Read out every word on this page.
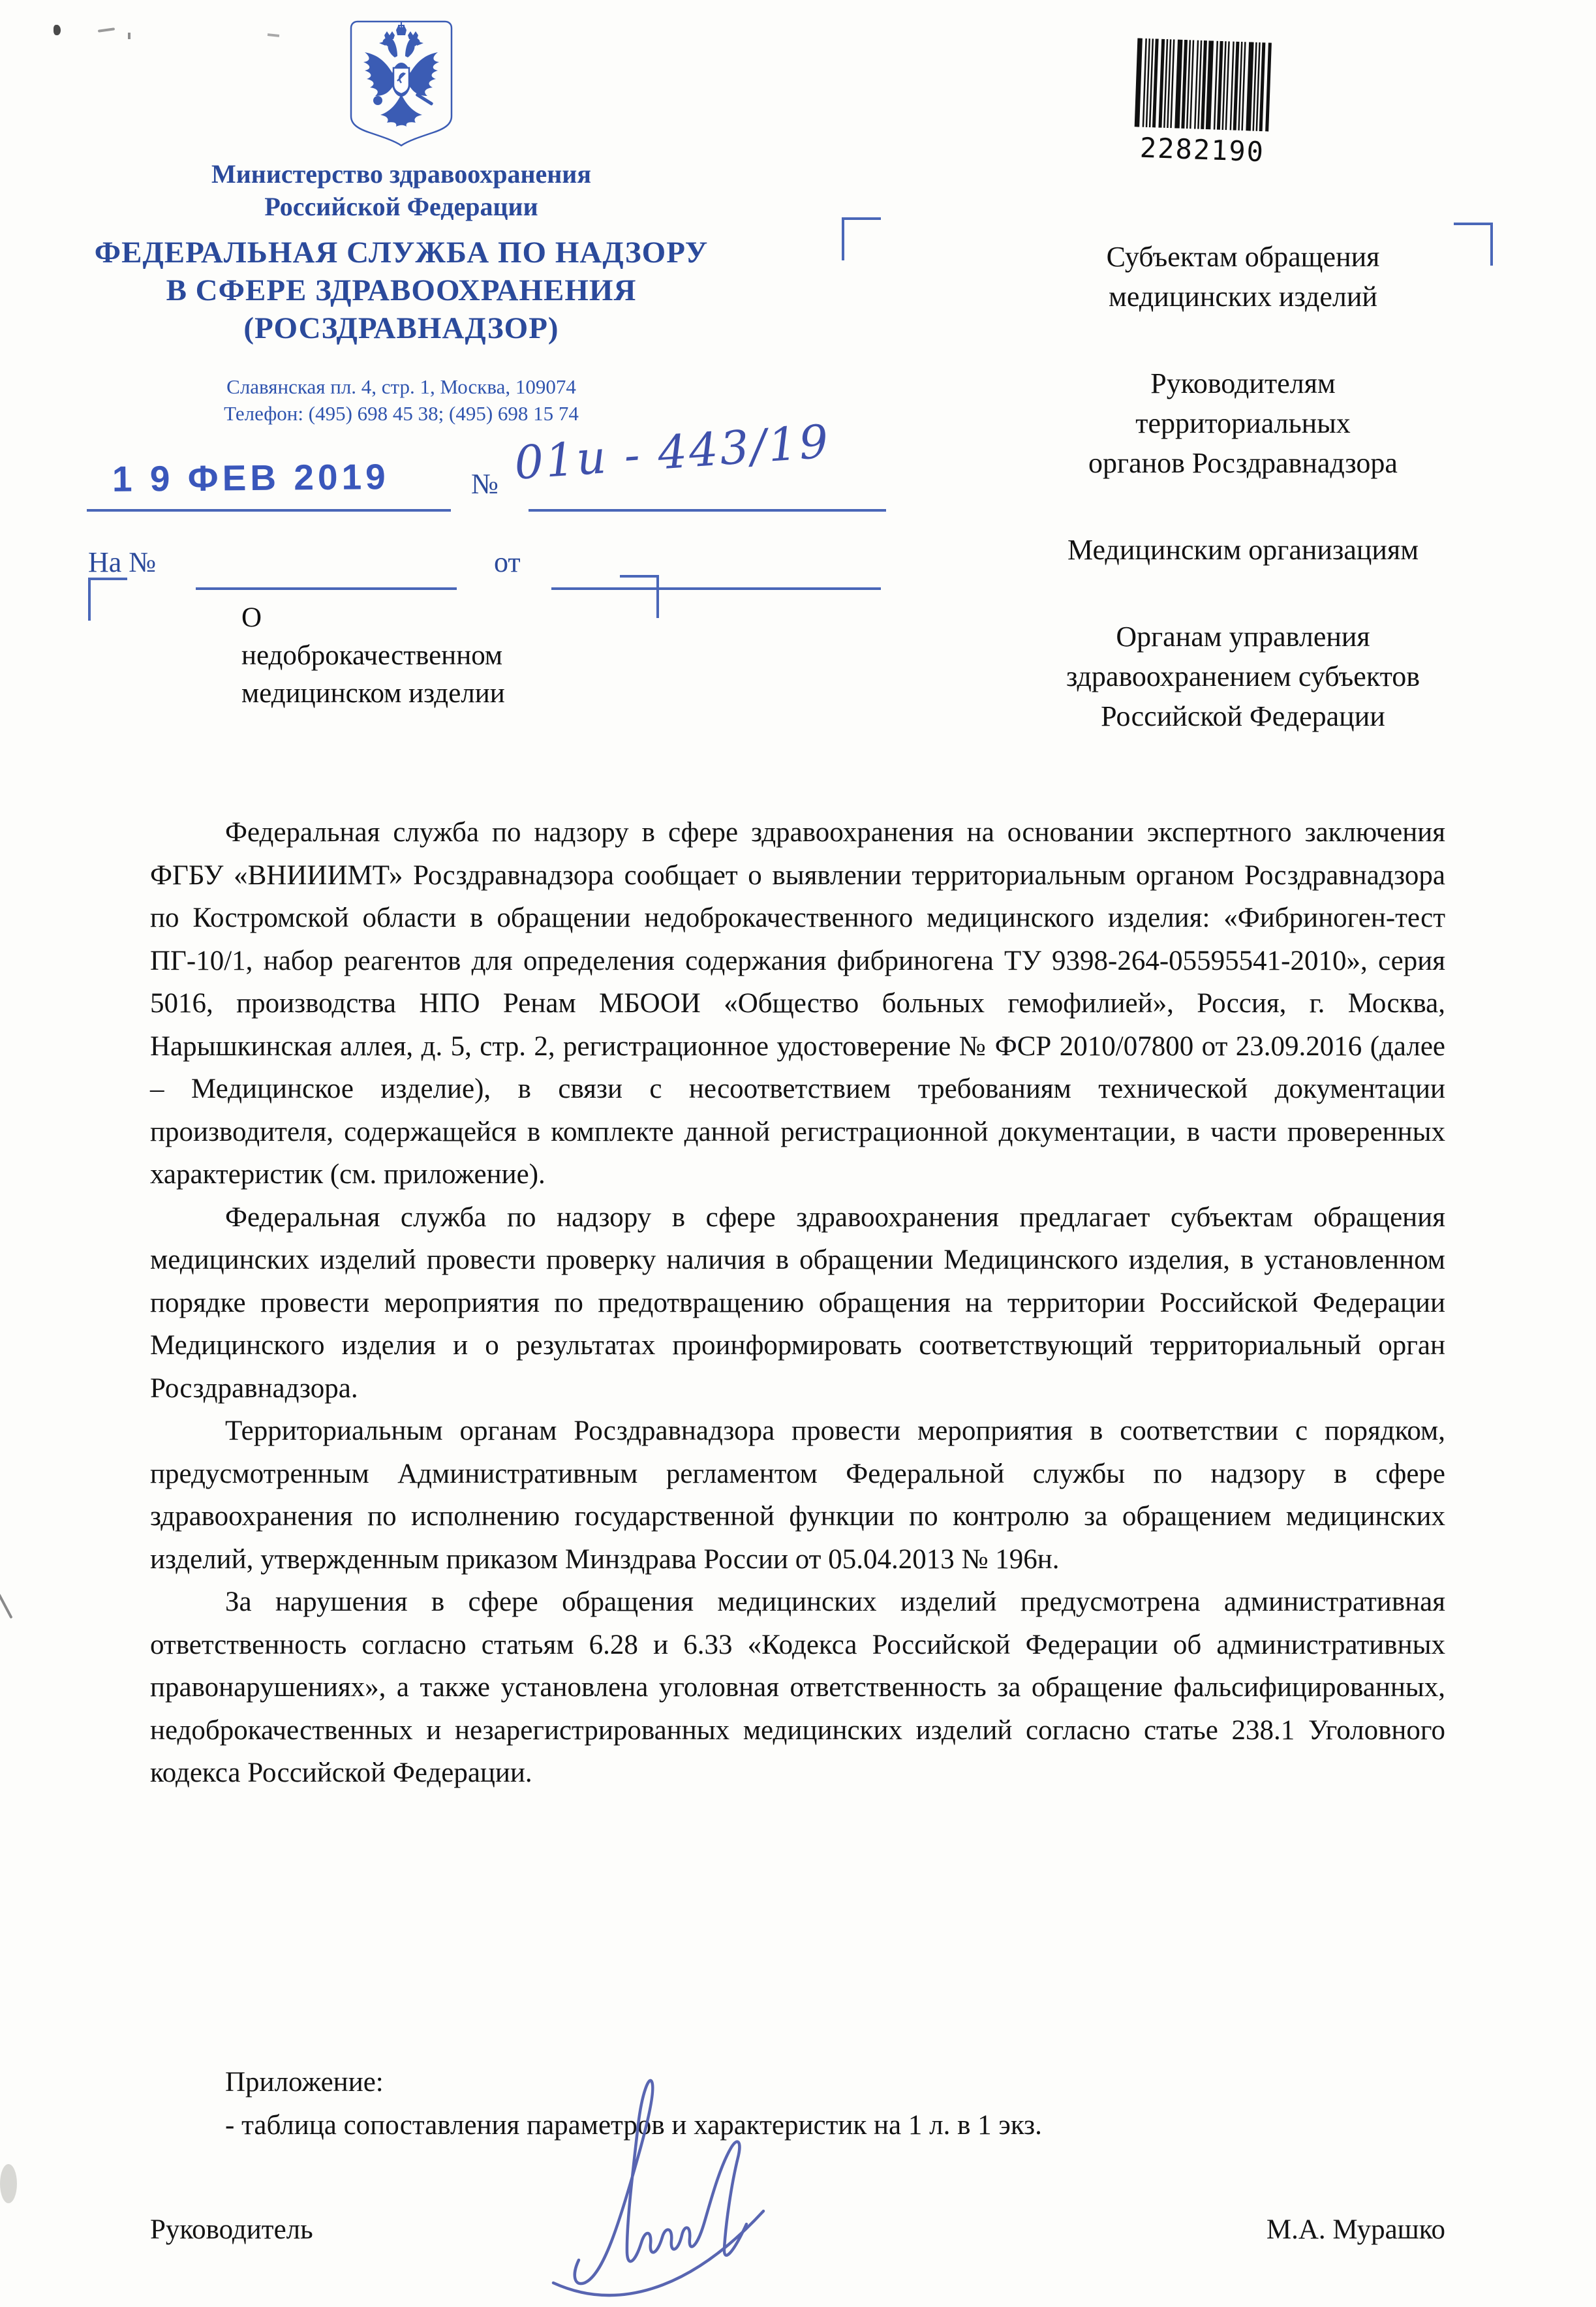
Министерство здравоохранения
Российской Федерации
ФЕДЕРАЛЬНАЯ СЛУЖБА ПО НАДЗОРУ
В СФЕРЕ ЗДРАВООХРАНЕНИЯ
(РОСЗДРАВНАДЗОР)
Славянская пл. 4, стр. 1, Москва, 109074
Телефон: (495) 698 45 38; (495) 698 15 74
2282190
1 9 ФЕВ 2019	№ 01и - 443/19
На №	от
О недоброкачественном
медицинском изделии
Субъектам обращения
медицинских изделий
Руководителям
территориальных
органов Росздравнадзора
Медицинским организациям
Органам управления
здравоохранением субъектов
Российской Федерации

Федеральная служба по надзору в сфере здравоохранения на основании экспертного заключения ФГБУ «ВНИИИМТ» Росздравнадзора сообщает о выявлении территориальным органом Росздравнадзора по Костромской области в обращении недоброкачественного медицинского изделия: «Фибриноген-тест ПГ-10/1, набор реагентов для определения содержания фибриногена ТУ 9398-264-05595541-2010», серия 5016, производства НПО Ренам МБООИ «Общество больных гемофилией», Россия, г. Москва, Нарышкинская аллея, д. 5, стр. 2, регистрационное удостоверение № ФСР 2010/07800 от 23.09.2016 (далее – Медицинское изделие), в связи с несоответствием требованиям технической документации производителя, содержащейся в комплекте данной регистрационной документации, в части проверенных характеристик (см. приложение).

Федеральная служба по надзору в сфере здравоохранения предлагает субъектам обращения медицинских изделий провести проверку наличия в обращении Медицинского изделия, в установленном порядке провести мероприятия по предотвращению обращения на территории Российской Федерации Медицинского изделия и о результатах проинформировать соответствующий территориальный орган Росздравнадзора.

Территориальным органам Росздравнадзора провести мероприятия в соответствии с порядком, предусмотренным Административным регламентом Федеральной службы по надзору в сфере здравоохранения по исполнению государственной функции по контролю за обращением медицинских изделий, утвержденным приказом Минздрава России от 05.04.2013 № 196н.

За нарушения в сфере обращения медицинских изделий предусмотрена административная ответственность согласно статьям 6.28 и 6.33 «Кодекса Российской Федерации об административных правонарушениях», а также установлена уголовная ответственность за обращение фальсифицированных, недоброкачественных и незарегистрированных медицинских изделий согласно статье 238.1 Уголовного кодекса Российской Федерации.

Приложение:
- таблица сопоставления параметров и характеристик на 1 л. в 1 экз.
Руководитель	М.А. Мурашко
